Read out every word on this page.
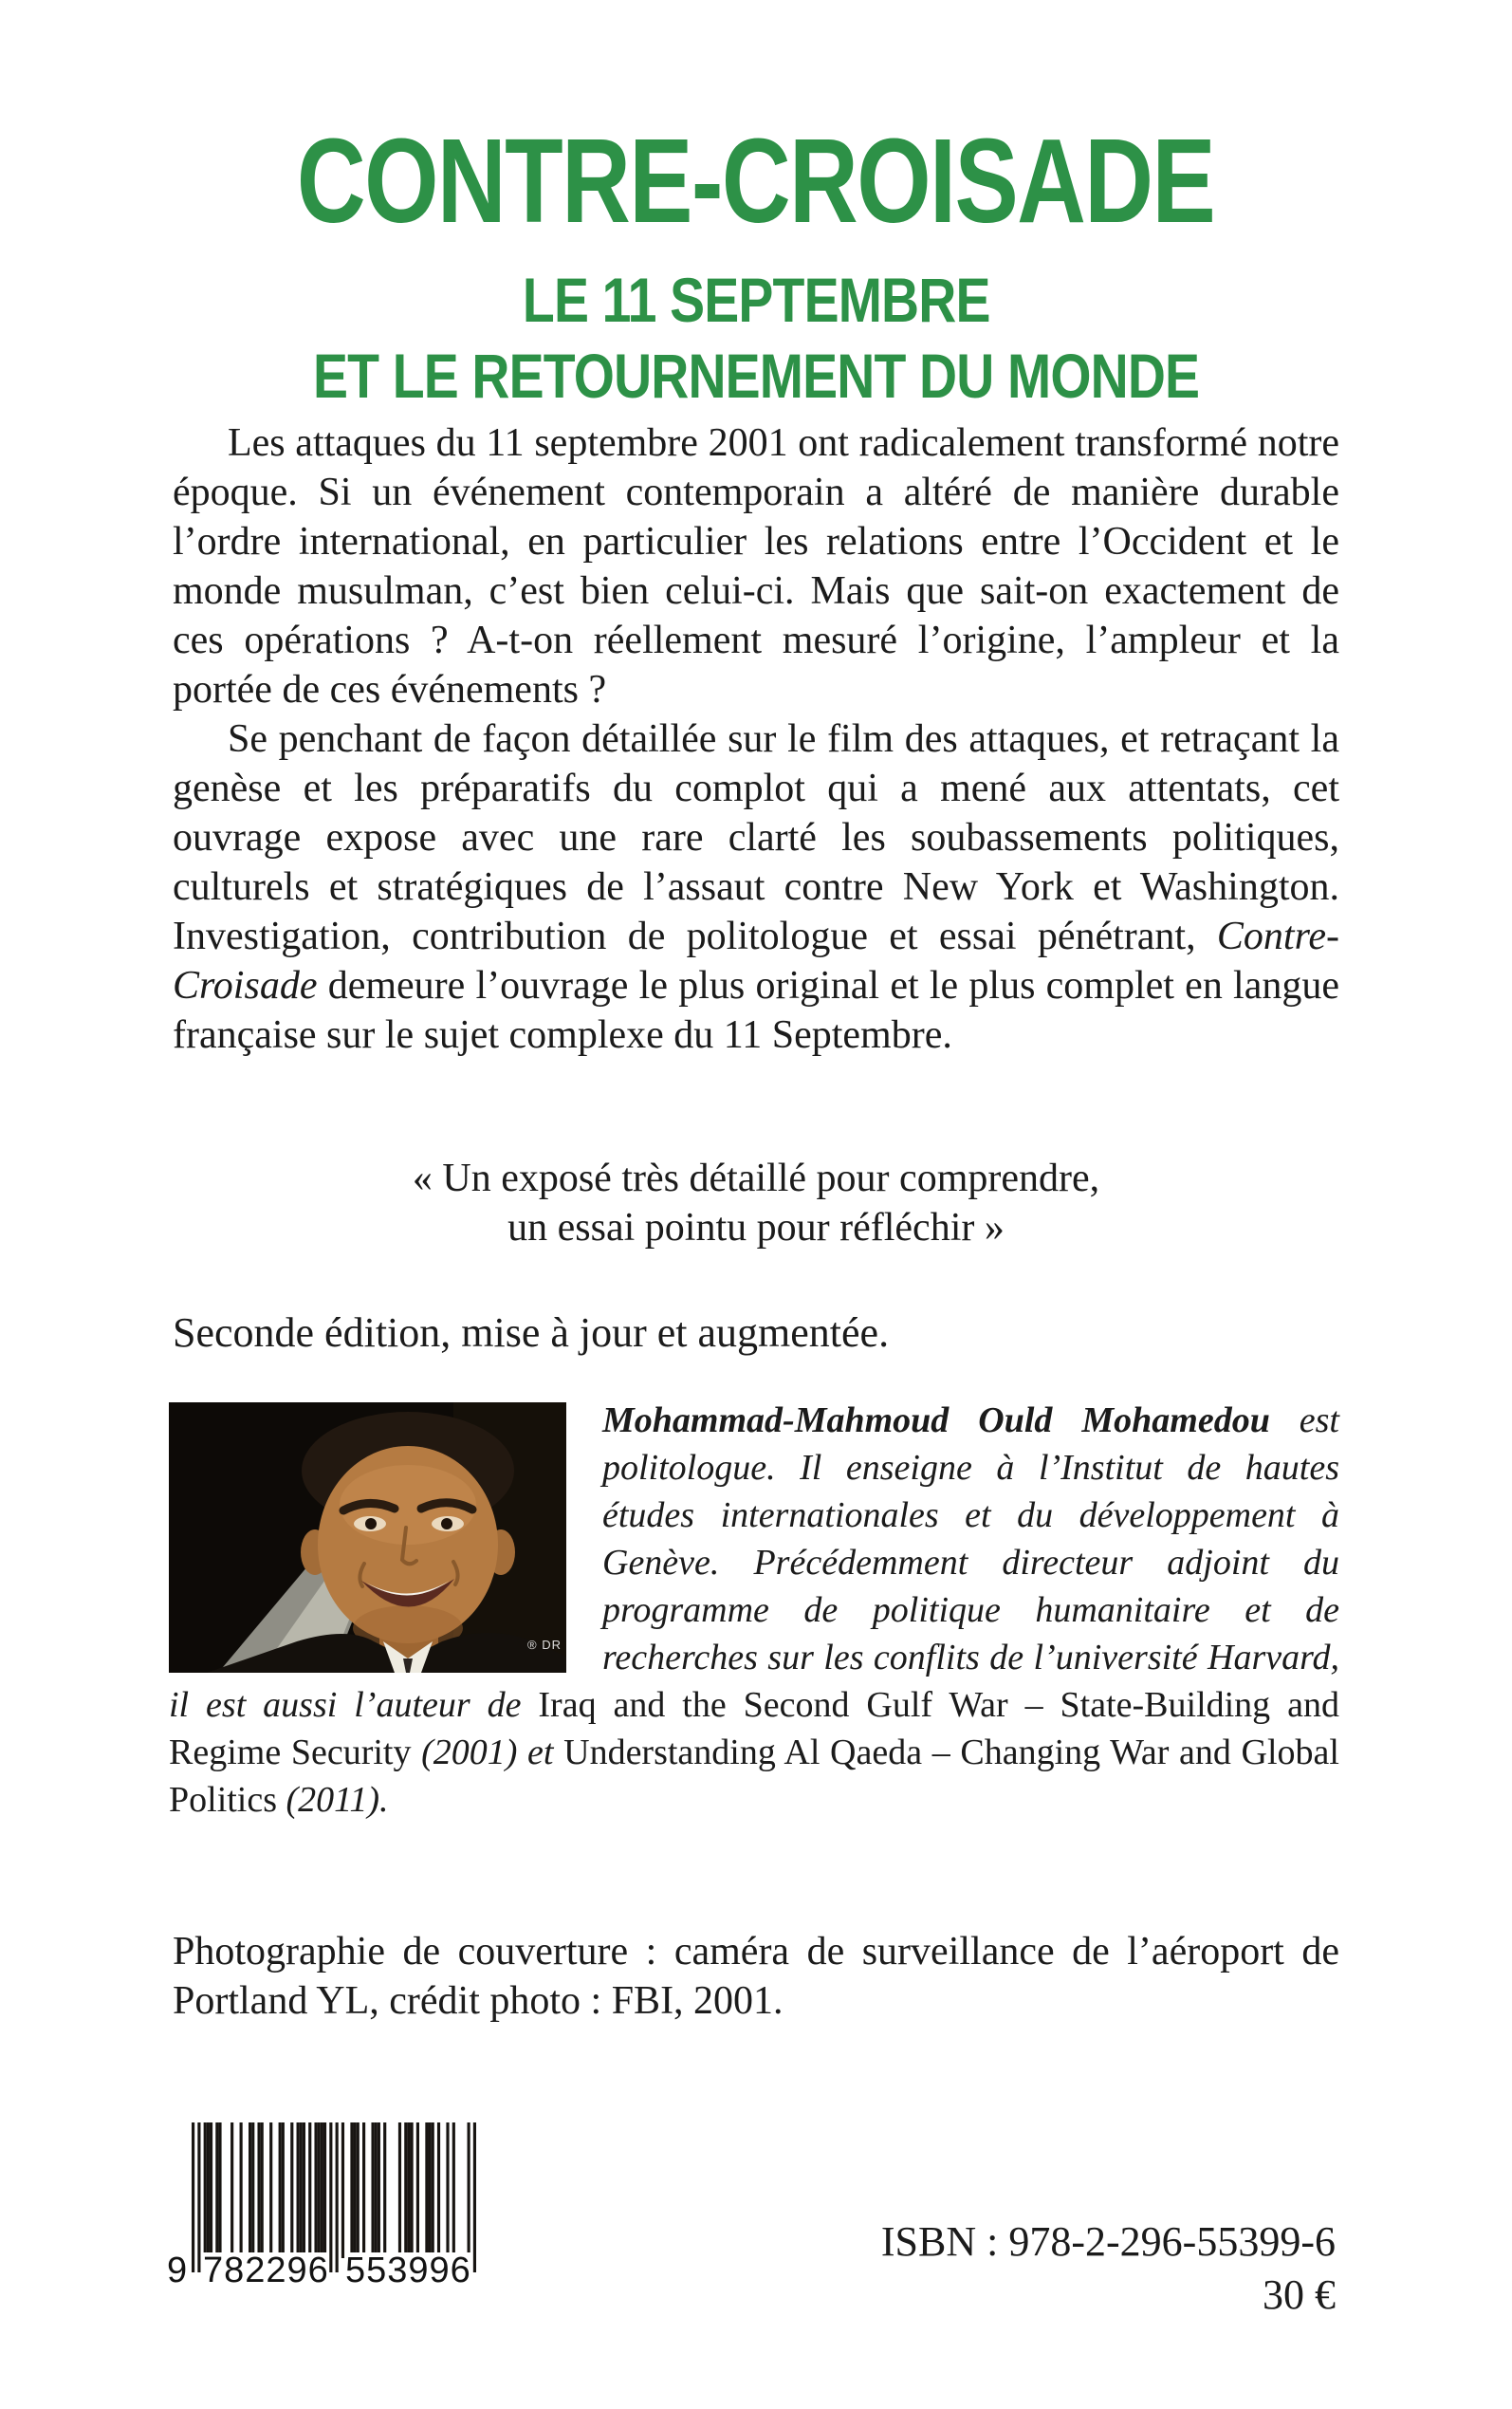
CONTRE-CROISADE
LE 11 SEPTEMBRE
ET LE RETOURNEMENT DU MONDE

Les attaques du 11 septembre 2001 ont radicalement transformé notre époque. Si un événement contemporain a altéré de manière durable l’ordre international, en particulier les relations entre l’Occident et le monde musulman, c’est bien celui-ci. Mais que sait-on exactement de ces opérations ? A-t-on réellement mesuré l’origine, l’ampleur et la portée de ces événements ?

Se penchant de façon détaillée sur le film des attaques, et retraçant la genèse et les préparatifs du complot qui a mené aux attentats, cet ouvrage expose avec une rare clarté les soubassements politiques, culturels et stratégiques de l’assaut contre New York et Washington. Investigation, contribution de politologue et essai pénétrant, Contre-Croisade demeure l’ouvrage le plus original et le plus complet en langue française sur le sujet complexe du 11 Septembre.

« Un exposé très détaillé pour comprendre,
un essai pointu pour réfléchir »
Seconde édition, mise à jour et augmentée.
® DR
Mohammad-Mahmoud Ould Mohamedou est politologue. Il enseigne à l’Institut de hautes études internationales et du développement à Genève. Précédemment directeur adjoint du programme de politique humanitaire et de recherches sur les conflits de l’université Harvard, il est aussi l’auteur de Iraq and the Second Gulf War – State-Building and Regime Security (2001) et Understanding Al Qaeda – Changing War and Global Politics (2011).
Photographie de couverture : caméra de surveillance de l’aéroport de Portland YL, crédit photo : FBI, 2001.
9 782296 553996
ISBN : 978-2-296-55399-6
30 €
